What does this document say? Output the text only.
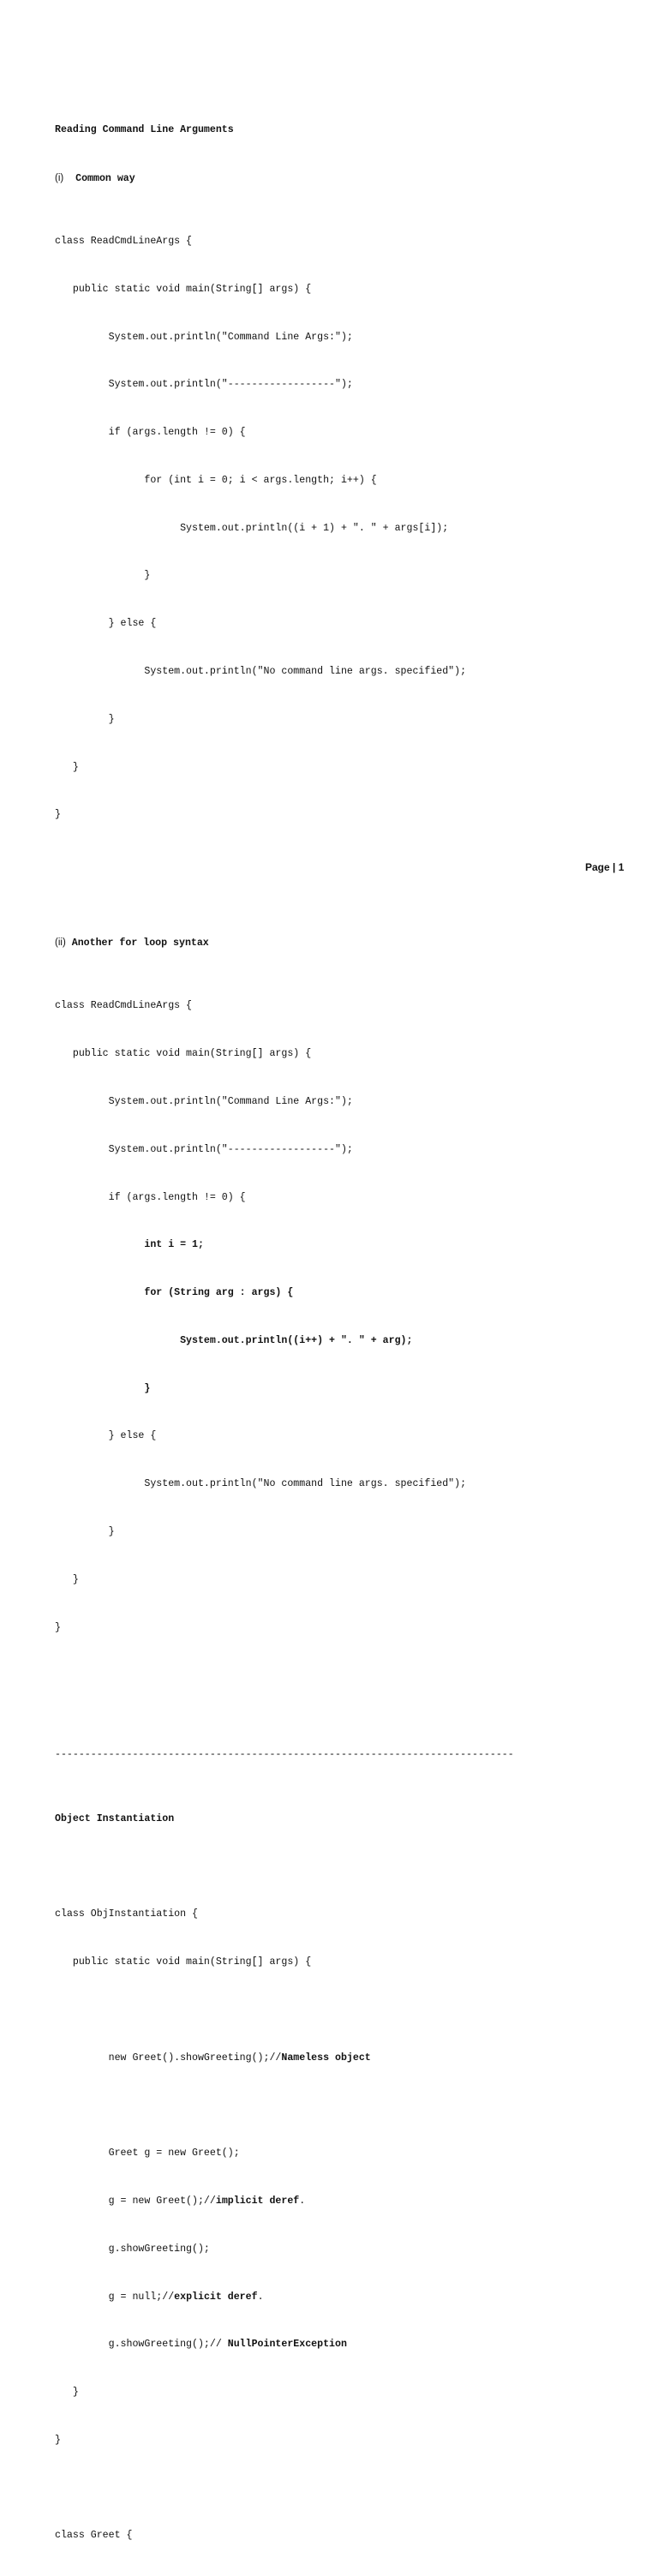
Reading Command Line Arguments

(i) Common way

class ReadCmdLineArgs {

public static void main(String[] args) {

System.out.println("Command Line Args:");

System.out.println("------------------");

if (args.length != 0) {

for (int i = 0; i < args.length; i++) {

System.out.println((i + 1) + ". " + args[i]);

}

} else {

System.out.println("No command line args. specified");

}

}

}

(ii) Another for loop syntax

class ReadCmdLineArgs {

public static void main(String[] args) {

System.out.println("Command Line Args:");

System.out.println("------------------");

if (args.length != 0) {

int i = 1;

for (String arg : args) {

System.out.println((i++) + ". " + arg);

}

} else {

System.out.println("No command line args. specified");

}

}

}

-----------------------------------------------------------------------------

Object Instantiation

class ObjInstantiation {

public static void main(String[] args) {

new Greet().showGreeting();//Nameless object

Greet g = new Greet();

g = new Greet();//implicit deref.

g.showGreeting();

g = null;//explicit deref.

g.showGreeting();// NullPointerException

}

}

class Greet {

Page | 1
